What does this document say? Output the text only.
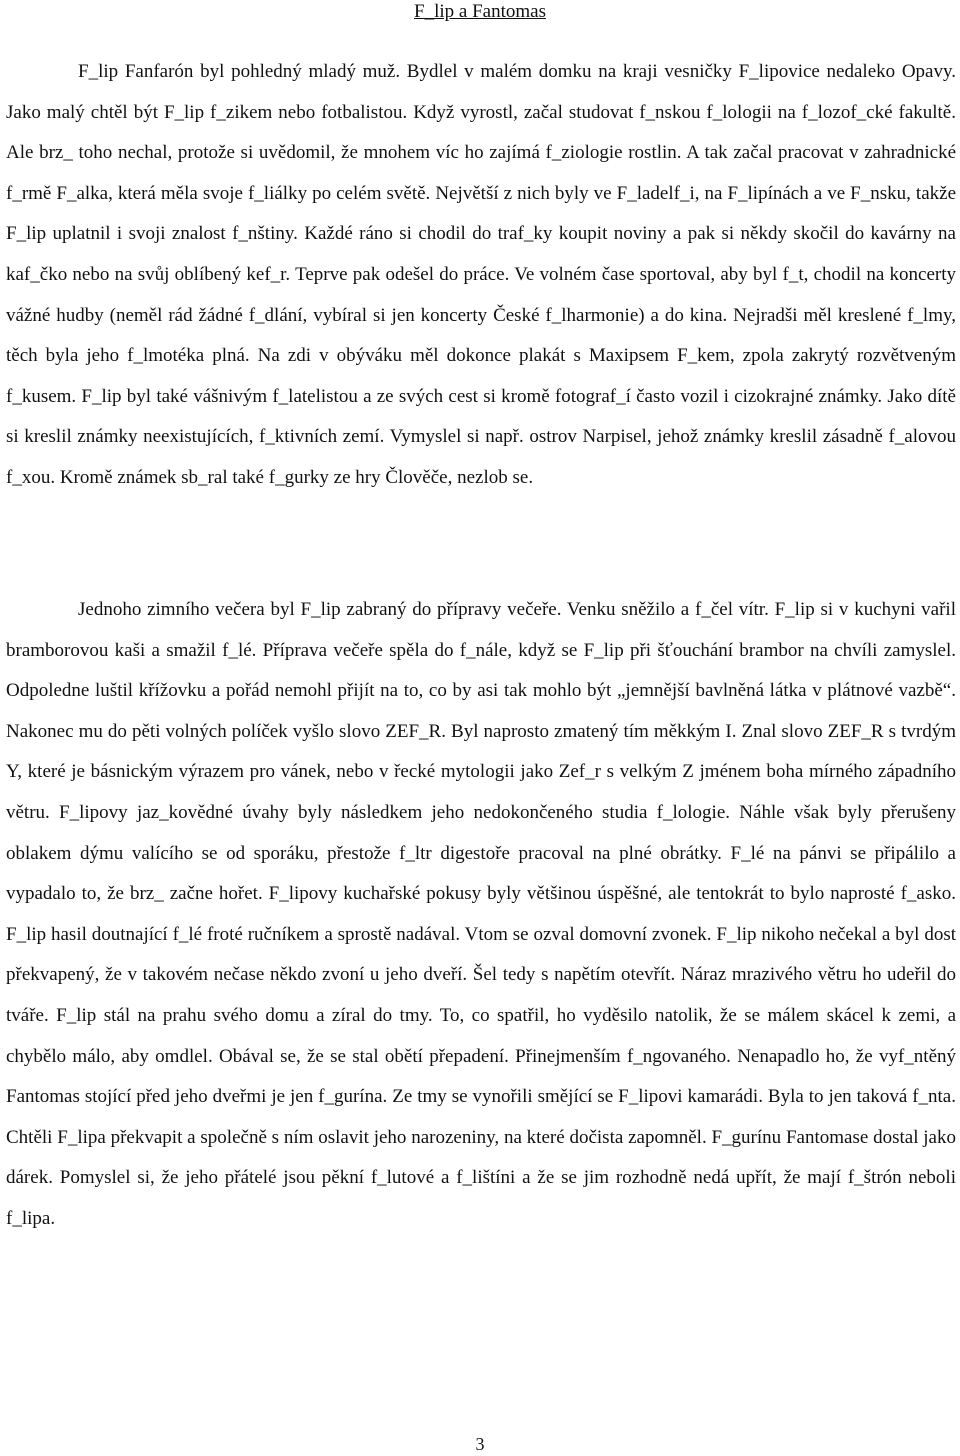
F_lip a Fantomas

F_lip Fanfarón byl pohledný mladý muž. Bydlel v malém domku na kraji vesničky F_lipovice nedaleko Opavy. Jako malý chtěl být F_lip f_zikem nebo fotbalistou. Když vyrostl, začal studovat f_nskou f_lologii na f_lozof_cké fakultě. Ale brz_ toho nechal, protože si uvědomil, že mnohem víc ho zajímá f_ziologie rostlin. A tak začal pracovat v zahradnické f_rmě F_alka, která měla svoje f_liálky po celém světě. Největší z nich byly ve F_ladelf_i, na F_lipínách a ve F_nsku, takže F_lip uplatnil i svoji znalost f_nštiny. Každé ráno si chodil do traf_ky koupit noviny a pak si někdy skočil do kavárny na kaf_čko nebo na svůj oblíbený kef_r. Teprve pak odešel do práce. Ve volném čase sportoval, aby byl f_t, chodil na koncerty vážné hudby (neměl rád žádné f_dlání, vybíral si jen koncerty České f_lharmonie) a do kina. Nejradši měl kreslené f_lmy, těch byla jeho f_lmotéka plná. Na zdi v obýváku měl dokonce plakát s Maxipsem F_kem, zpola zakrytý rozvětveným f_kusem. F_lip byl také vášnivým f_latelistou a ze svých cest si kromě fotograf_í často vozil i cizokrajné známky. Jako dítě si kreslil známky neexistujících, f_ktivních zemí. Vymyslel si např. ostrov Narpisel, jehož známky kreslil zásadně f_alovou f_xou. Kromě známek sb_ral také f_gurky ze hry Člověče, nezlob se.

Jednoho zimního večera byl F_lip zabraný do přípravy večeře. Venku sněžilo a f_čel vítr. F_lip si v kuchyni vařil bramborovou kaši a smažil f_lé. Příprava večeře spěla do f_nále, když se F_lip při šťouchání brambor na chvíli zamyslel. Odpoledne luštil křížovku a pořád nemohl přijít na to, co by asi tak mohlo být „jemnější bavlněná látka v plátnové vazbě“. Nakonec mu do pěti volných políček vyšlo slovo ZEF_R. Byl naprosto zmatený tím měkkým I. Znal slovo ZEF_R s tvrdým Y, které je básnickým výrazem pro vánek, nebo v řecké mytologii jako Zef_r s velkým Z jménem boha mírného západního větru. F_lipovy jaz_kovědné úvahy byly následkem jeho nedokončeného studia f_lologie. Náhle však byly přerušeny oblakem dýmu valícího se od sporáku, přestože f_ltr digestoře pracoval na plné obrátky. F_lé na pánvi se připálilo a vypadalo to, že brz_ začne hořet. F_lipovy kuchařské pokusy byly většinou úspěšné, ale tentokrát to bylo naprosté f_asko. F_lip hasil doutnající f_lé froté ručníkem a sprostě nadával. Vtom se ozval domovní zvonek. F_lip nikoho nečekal a byl dost překvapený, že v takovém nečase někdo zvoní u jeho dveří. Šel tedy s napětím otevřít. Náraz mrazivého větru ho udeřil do tváře. F_lip stál na prahu svého domu a zíral do tmy. To, co spatřil, ho vyděsilo natolik, že se málem skácel k zemi, a chybělo málo, aby omdlel. Obával se, že se stal obětí přepadení. Přinejmenším f_ngovaného. Nenapadlo ho, že vyf_ntěný Fantomas stojící před jeho dveřmi je jen f_gurína. Ze tmy se vynořili smějící se F_lipovi kamarádi. Byla to jen taková f_nta. Chtěli F_lipa překvapit a společně s ním oslavit jeho narozeniny, na které dočista zapomněl. F_gurínu Fantomase dostal jako dárek. Pomyslel si, že jeho přátelé jsou pěkní f_lutové a f_lištíni a že se jim rozhodně nedá upřít, že mají f_štrón neboli f_lipa.

3
